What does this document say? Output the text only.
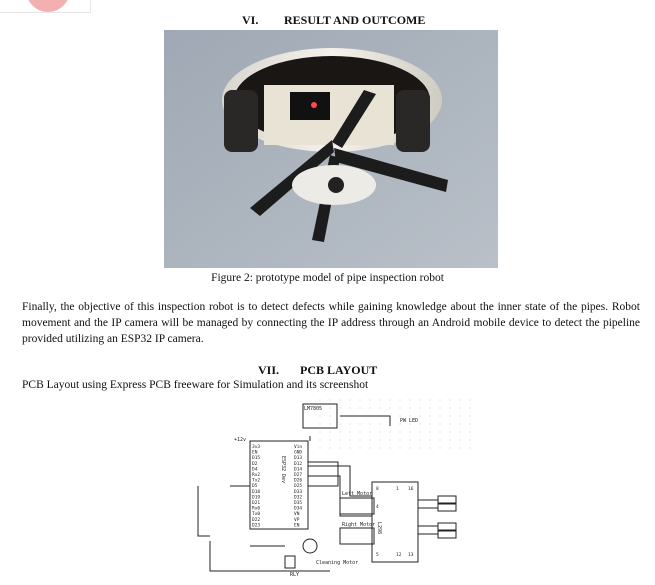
VI. RESULT AND OUTCOME
Figure 2: prototype model of pipe inspection robot
Finally, the objective of this inspection robot is to detect defects while gaining knowledge about the inner state of the pipes. Robot movement and the IP camera will be managed by connecting the IP address through an Android mobile device to detect the pipeline provided utilizing an ESP32 IP camera.
VII. PCB LAYOUT
PCB Layout using Express PCB freeware for Simulation and its screenshot
LM7805
PW LED
+12v
L298
Left Motor
Right Motor
Cleaning Motor
RLY
ESP32 Dev
3v3
EN
D15
D2
D4
Rx2
Tx2
D5
D18
D19
D21
Rx0
Tx0
D22
D23
Vin
GND
D13
D12
D14
D27
D26
D25
D33
D32
D35
D34
VN
VP
EN
8	1 16
4
5	12 13
